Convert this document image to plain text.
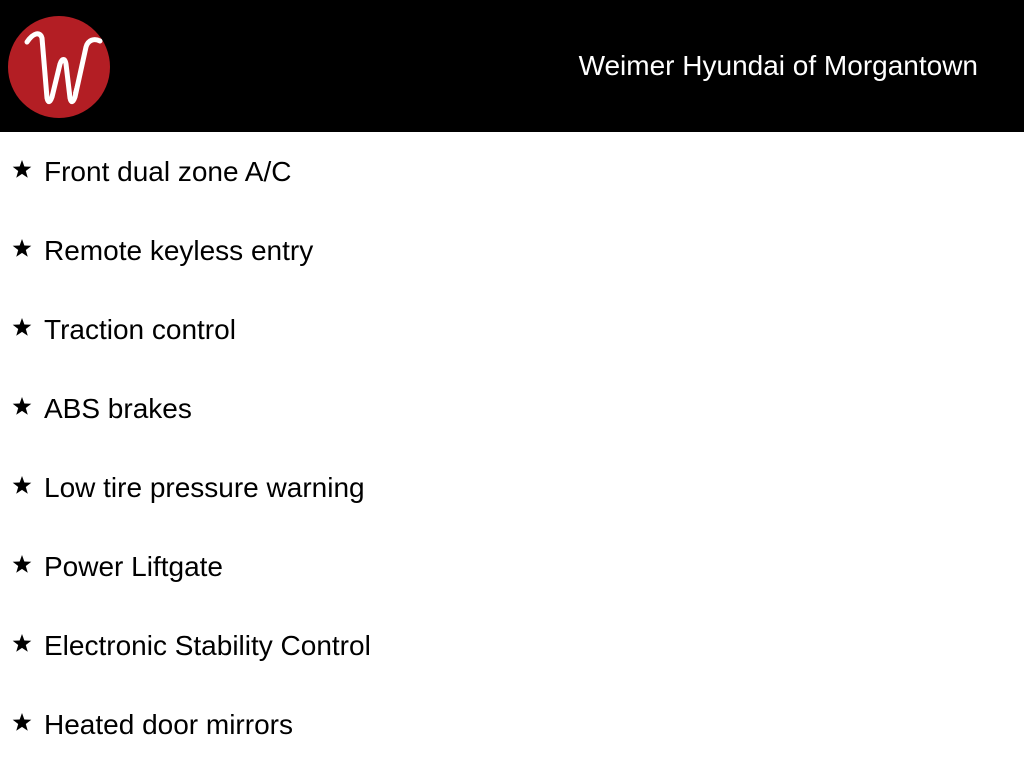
Weimer Hyundai of Morgantown
Front dual zone A/C
Remote keyless entry
Traction control
ABS brakes
Low tire pressure warning
Power Liftgate
Electronic Stability Control
Heated door mirrors
